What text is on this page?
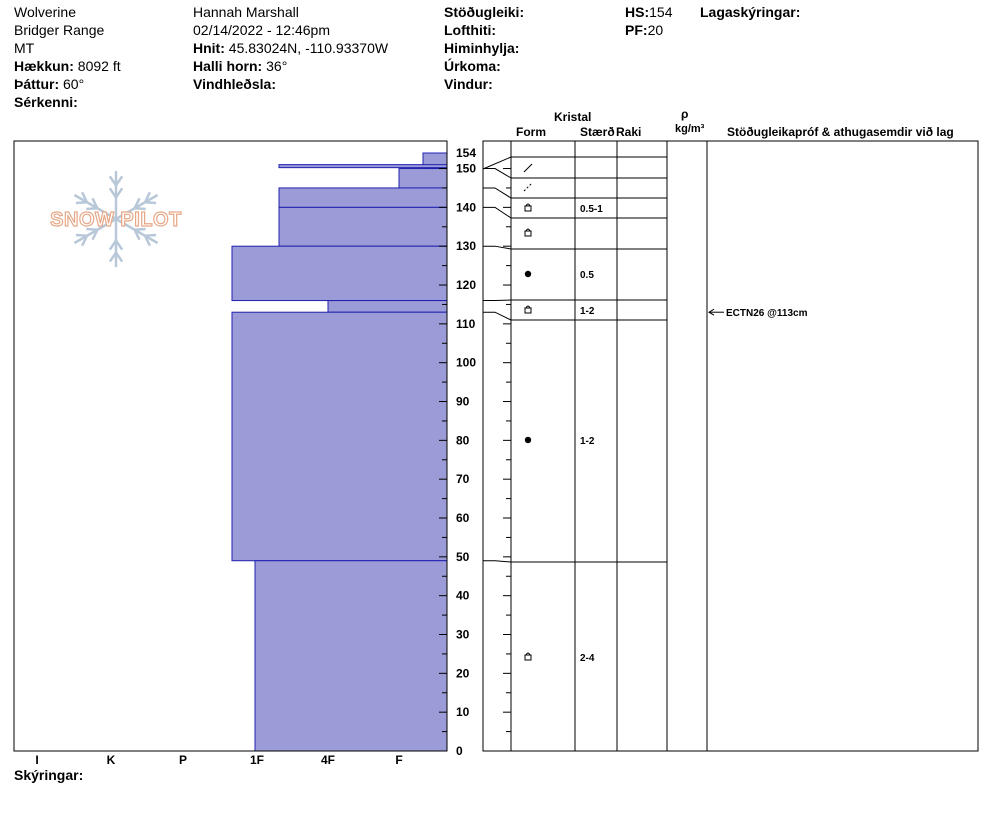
Wolverine
Bridger Range
MT
Hækkun: 8092 ft
Þáttur: 60°
Sérkenni:
Hannah Marshall
02/14/2022 - 12:46pm
Hnit: 45.83024N, -110.93370W
Halli horn: 36°
Vindhleðsla:
Stöðugleiki:
Lofthiti:
Himinhylja:
Úrkoma:
Vindur:
HS:154
PF:20
Lagaskýringar:
Kristal
Form	Stærð Raki
ρ
kg/m³ Stöðugleikapróf & athugasemdir við lag
SNOW PILOT
I	K	P	1F	4F	F
0
10
20
30
40
50
60
70
80
90
100
110
120
130
140
150
154
0.5-1
0.5
1-2
1-2
2-4
ECTN26 @113cm
Skýringar:
